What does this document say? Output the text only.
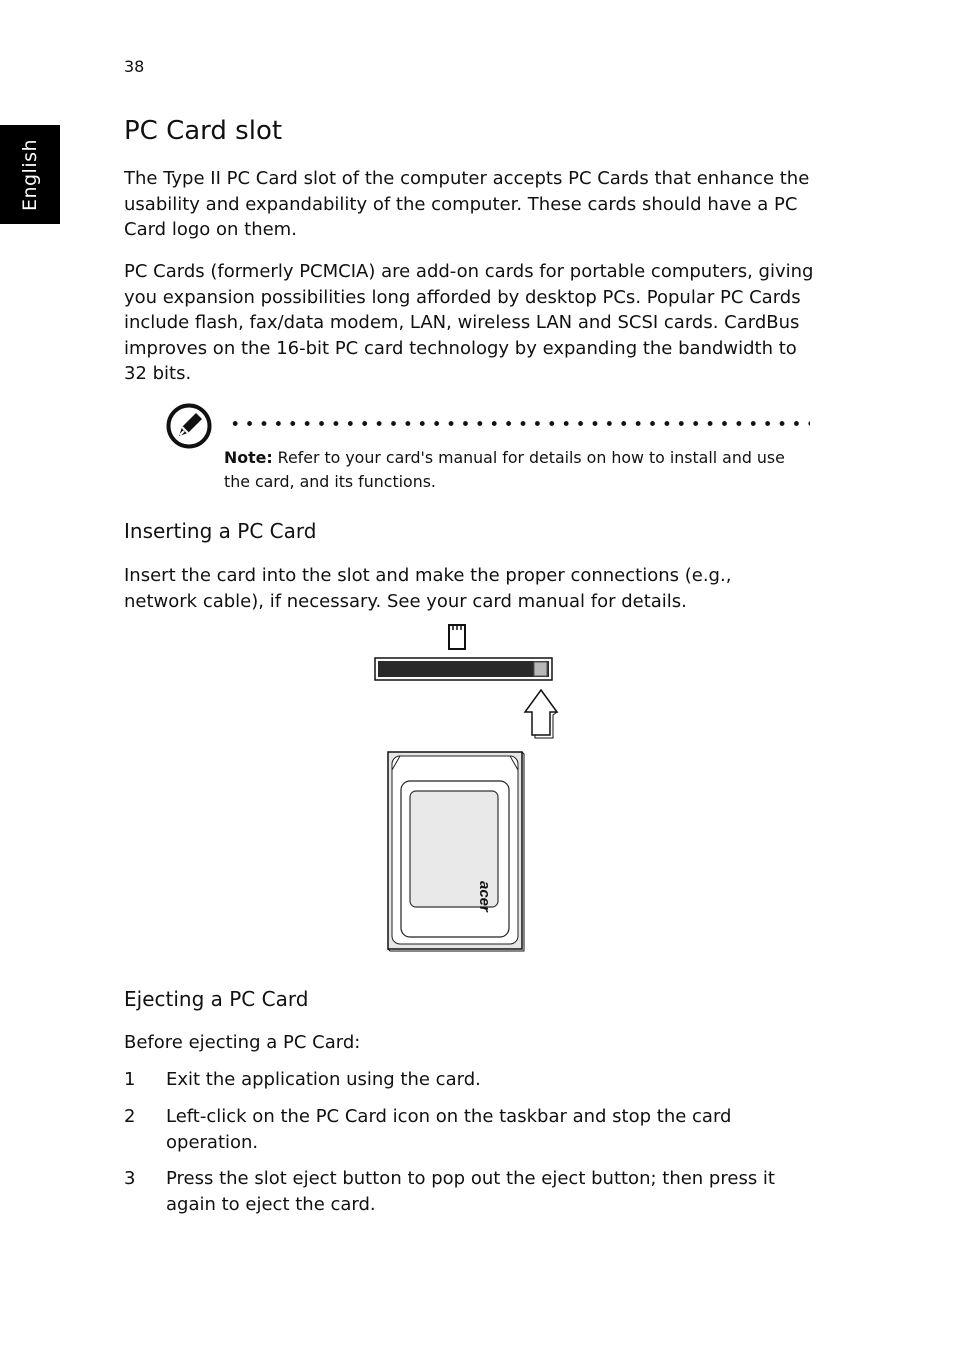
38
English
PC Card slot

The Type II PC Card slot of the computer accepts PC Cards that enhance the usability and expandability of the computer. These cards should have a PC Card logo on them.

PC Cards (formerly PCMCIA) are add-on cards for portable computers, giving you expansion possibilities long afforded by desktop PCs. Popular PC Cards include flash, fax/data modem, LAN, wireless LAN and SCSI cards. CardBus improves on the 16-bit PC card technology by expanding the bandwidth to 32 bits.

Note: Refer to your card's manual for details on how to install and use the card, and its functions.

Inserting a PC Card

Insert the card into the slot and make the proper connections (e.g., network cable), if necessary. See your card manual for details.

acer
Ejecting a PC Card

Before ejecting a PC Card:

1 Exit the application using the card.
2 Left-click on the PC Card icon on the taskbar and stop the card operation.
3 Press the slot eject button to pop out the eject button; then press it again to eject the card.
